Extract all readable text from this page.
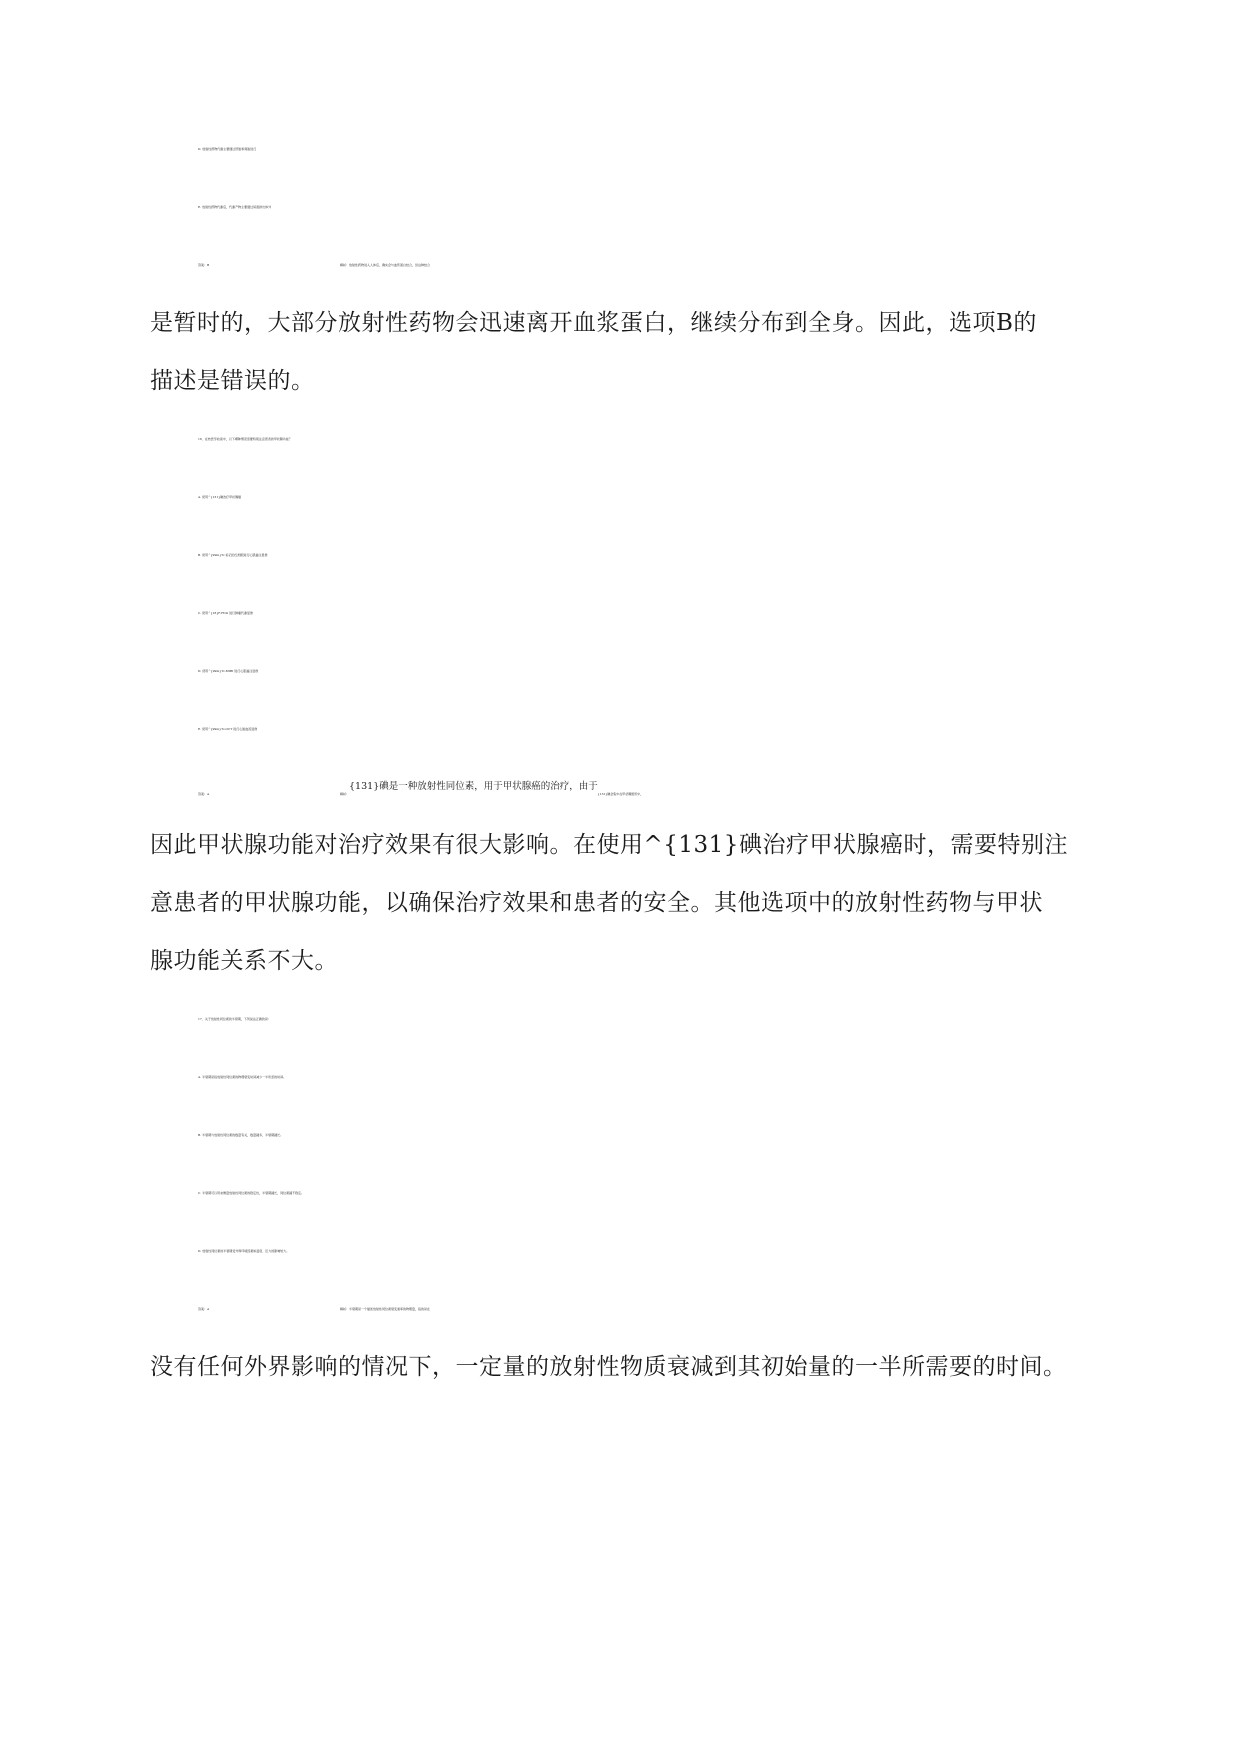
D. 放射性药物代谢主要通过肝脏和肾脏进行
E. 放射性药物代谢后，代谢产物主要通过尿液排出体外
答案：B	解析：放射性药物进入人体后，确实会与血浆蛋白结合，但这种结合
是暂时的，大部分放射性药物会迅速离开血浆蛋白，继续分布到全身。因此，选项B的
描述是错误的。
16、在核医学检查中，以下哪种情况需要特别注意患者的甲状腺功能？
A. 使用^{131}碘治疗甲状腺癌
B. 使用^{99m}Tc 标记的红细胞进行心肌灌注显像
C. 使用^{18}F-FDG 进行肿瘤代谢显像
D. 使用^{99m}Tc-MIBI 进行心肌灌注显像
E. 使用^{99m}Tc-OCT 进行心脏血流显像
答案：A	解析：{131}碘是一种放射性同位素，用于甲状腺癌的治疗，由于{131}碘会集中在甲状腺组织中，
因此甲状腺功能对治疗效果有很大影响。在使用^{131}碘治疗甲状腺癌时，需要特别注
意患者的甲状腺功能，以确保治疗效果和患者的安全。其他选项中的放射性药物与甲状
腺功能关系不大。
17、关于放射性同位素的半衰期，下列说法正确的是：
A. 半衰期是指放射性同位素的物理衰变时间减少一半所需的时间。
B. 半衰期与放射性同位素的数量有关，数量越多，半衰期越长。
C. 半衰期可以用来衡量放射性同位素的稳定性，半衰期越长，同位素越不稳定。
D. 放射性同位素的半衰期受外界环境因素如温度、压力的影响较大。
答案：A	解析：半衰期是一个描述放射性同位素衰变速率的物理量，指的是在
没有任何外界影响的情况下，一定量的放射性物质衰减到其初始量的一半所需要的时间。
